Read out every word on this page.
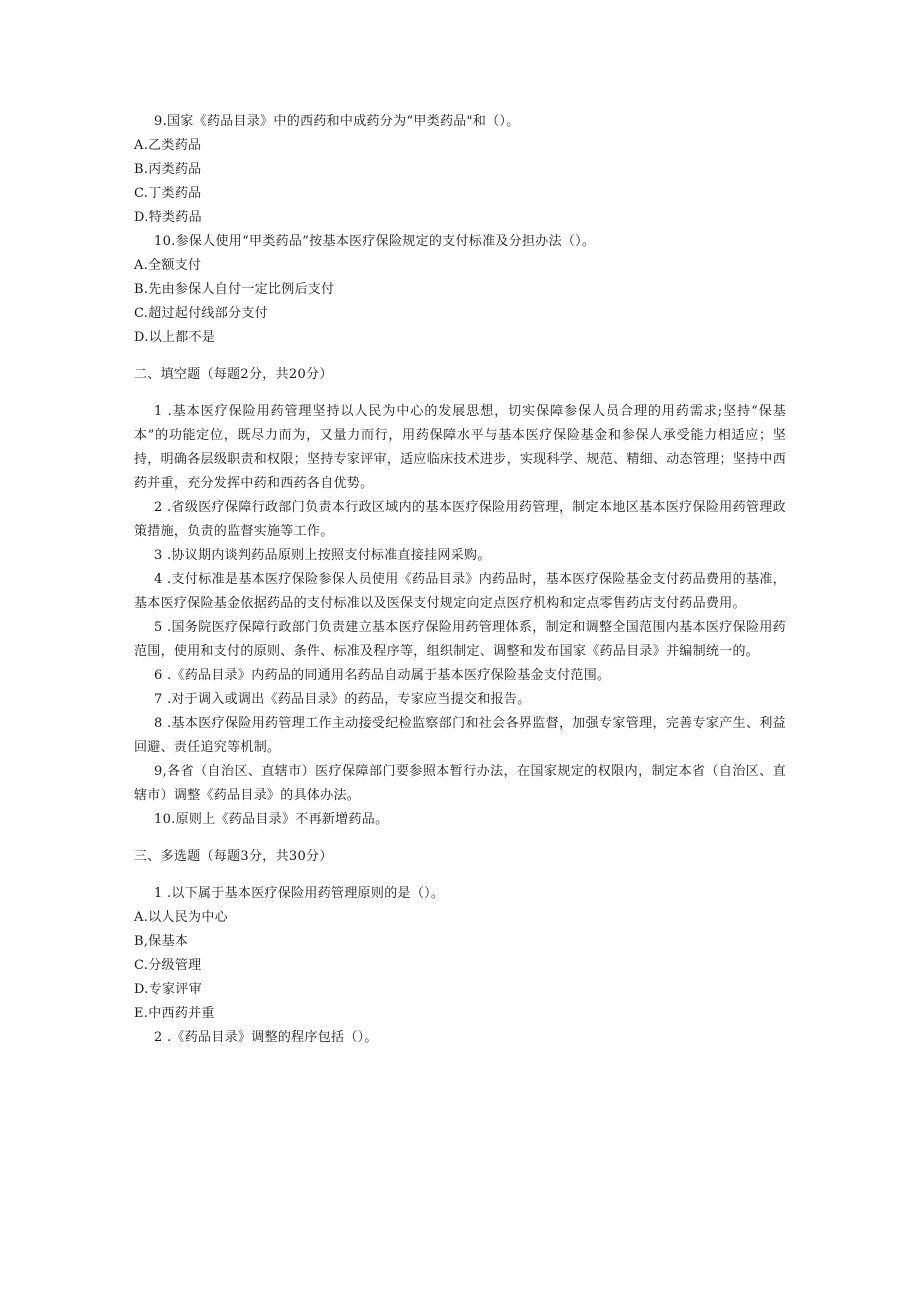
9.国家《药品目录》中的西药和中成药分为“甲类药品"和（）。
A.乙类药品
B.丙类药品
C.丁类药品
D.特类药品
10.参保人使用“甲类药品”按基本医疗保险规定的支付标准及分担办法（）。
A.全额支付
B.先由参保人自付一定比例后支付
C.超过起付线部分支付
D.以上都不是
二、填空题（每题2分，共20分）
1 .基本医疗保险用药管理坚持以人民为中心的发展思想，切实保障参保人员合理的用药需求;坚持“保基本”的功能定位，既尽力而为，又量力而行，用药保障水平与基本医疗保险基金和参保人承受能力相适应；坚持，明确各层级职责和权限；坚持专家评审，适应临床技术进步，实现科学、规范、精细、动态管理；坚持中西药并重，充分发挥中药和西药各自优势。
2 .省级医疗保障行政部门负责本行政区域内的基本医疗保险用药管理，制定本地区基本医疗保险用药管理政策措施，负责的监督实施等工作。
3 .协议期内谈判药品原则上按照支付标准直接挂网采购。
4 .支付标准是基本医疗保险参保人员使用《药品目录》内药品时，基本医疗保险基金支付药品费用的基准，基本医疗保险基金依据药品的支付标准以及医保支付规定向定点医疗机构和定点零售药店支付药品费用。
5 .国务院医疗保障行政部门负责建立基本医疗保险用药管理体系，制定和调整全国范围内基本医疗保险用药范围，使用和支付的原则、条件、标准及程序等，组织制定、调整和发布国家《药品目录》并编制统一的。
6 .《药品目录》内药品的同通用名药品自动属于基本医疗保险基金支付范围。
7 .对于调入或调出《药品目录》的药品，专家应当提交和报告。
8 .基本医疗保险用药管理工作主动接受纪检监察部门和社会各界监督，加强专家管理，完善专家产生、利益回避、责任追究等机制。
9,各省（自治区、直辖市）医疗保障部门要参照本暂行办法，在国家规定的权限内，制定本省（自治区、直辖市）调整《药品目录》的具体办法。
10.原则上《药品目录》不再新增药品。
三、多选题（每题3分，共30分）
1 .以下属于基本医疗保险用药管理原则的是（）。
A.以人民为中心
B,保基本
C.分级管理
D.专家评审
E.中西药并重
2 .《药品目录》调整的程序包括（）。
